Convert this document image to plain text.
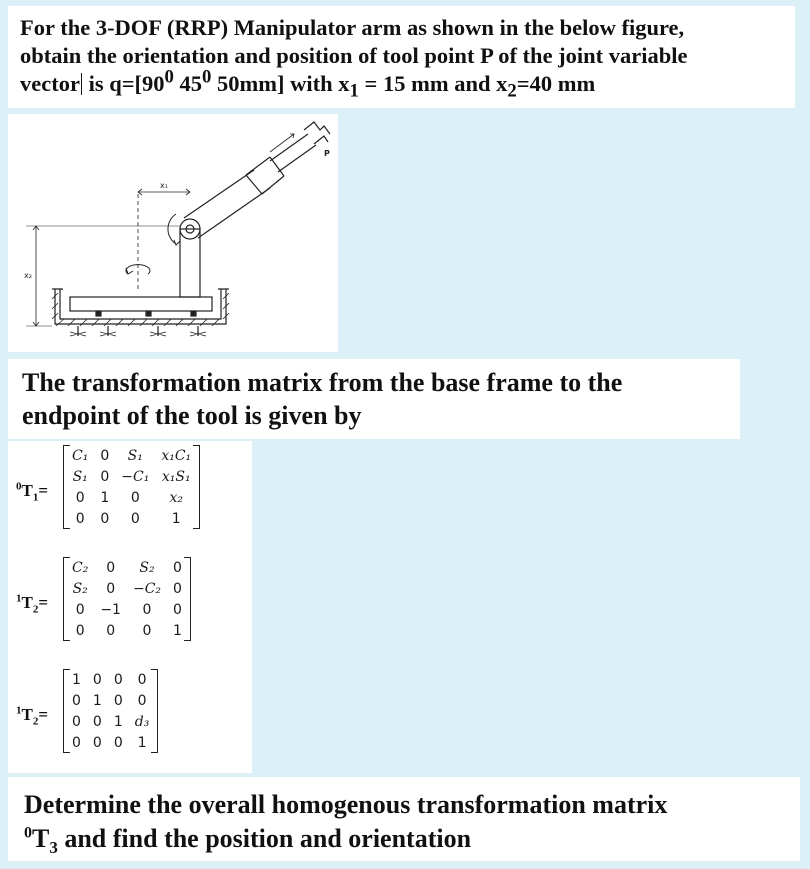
For the 3-DOF (RRP) Manipulator arm as shown in the below figure,
obtain the orientation and position of tool point P of the joint variable
vector is $q=[90^0$ $45^0$ 50mm] with $x_1 = 15$ mm and $x_2=40$ mm

x₁
x₂
P

The transformation matrix from the base frame to the
endpoint of the tool is given by

$^0T_1=$
C₁	0	S₁	x₁C₁
S₁	0	−C₁	x₁S₁
0	1	0	x₂
0	0	0	1
$^1T_2=$
C₂	0	S₂	0
S₂	0	−C₂	0
0	−1	0	0
0	0	0	1
$^1T_2=$
1	0	0	0
0	1	0	0
0	0	1	d₃
0	0	0	1

Determine the overall homogenous transformation matrix
$^0T_3$ and find the position and orientation
